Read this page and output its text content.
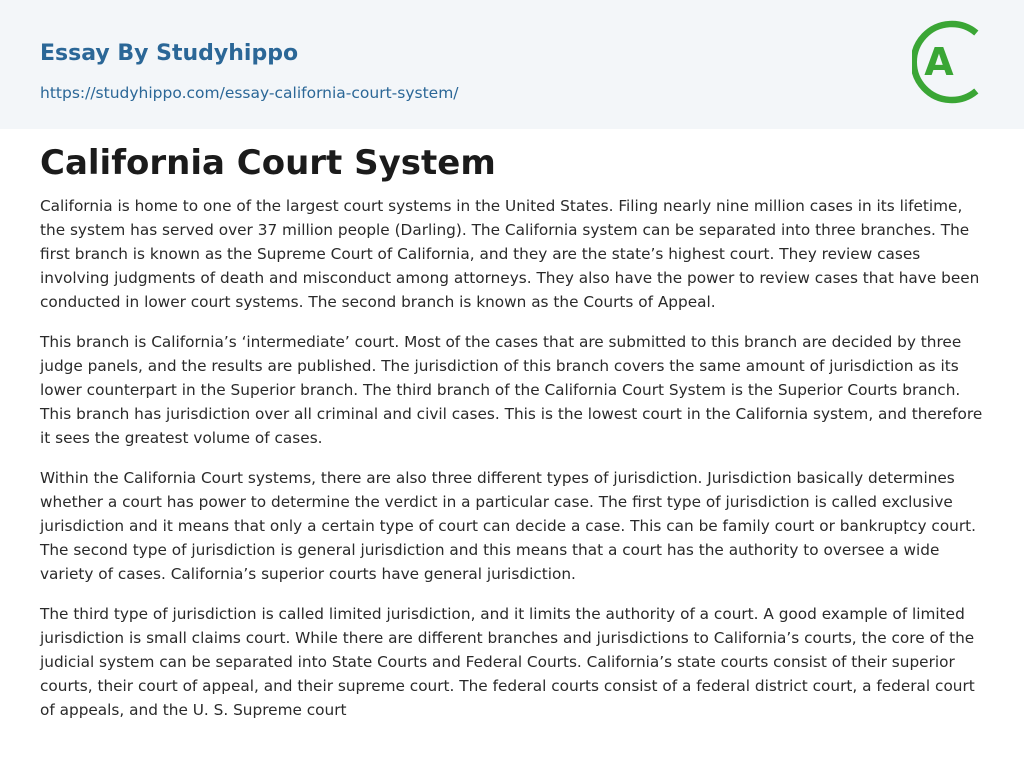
Essay By Studyhippo
https://studyhippo.com/essay-california-court-system/
A
California Court System

California is home to one of the largest court systems in the United States. Filing nearly nine million cases in its lifetime, the system has served over 37 million people (Darling). The California system can be separated into three branches. The first branch is known as the Supreme Court of California, and they are the state’s highest court. They review cases involving judgments of death and misconduct among attorneys. They also have the power to review cases that have been conducted in lower court systems. The second branch is known as the Courts of Appeal.

This branch is California’s ‘intermediate’ court. Most of the cases that are submitted to this branch are decided by three judge panels, and the results are published. The jurisdiction of this branch covers the same amount of jurisdiction as its lower counterpart in the Superior branch. The third branch of the California Court System is the Superior Courts branch. This branch has jurisdiction over all criminal and civil cases. This is the lowest court in the California system, and therefore it sees the greatest volume of cases.

Within the California Court systems, there are also three different types of jurisdiction. Jurisdiction basically determines whether a court has power to determine the verdict in a particular case. The first type of jurisdiction is called exclusive jurisdiction and it means that only a certain type of court can decide a case. This can be family court or bankruptcy court. The second type of jurisdiction is general jurisdiction and this means that a court has the authority to oversee a wide variety of cases. California’s superior courts have general jurisdiction.

The third type of jurisdiction is called limited jurisdiction, and it limits the authority of a court. A good example of limited jurisdiction is small claims court. While there are different branches and jurisdictions to California’s courts, the core of the judicial system can be separated into State Courts and Federal Courts. California’s state courts consist of their superior courts, their court of appeal, and their supreme court. The federal courts consist of a federal district court, a federal court of appeals, and the U. S. Supreme court
